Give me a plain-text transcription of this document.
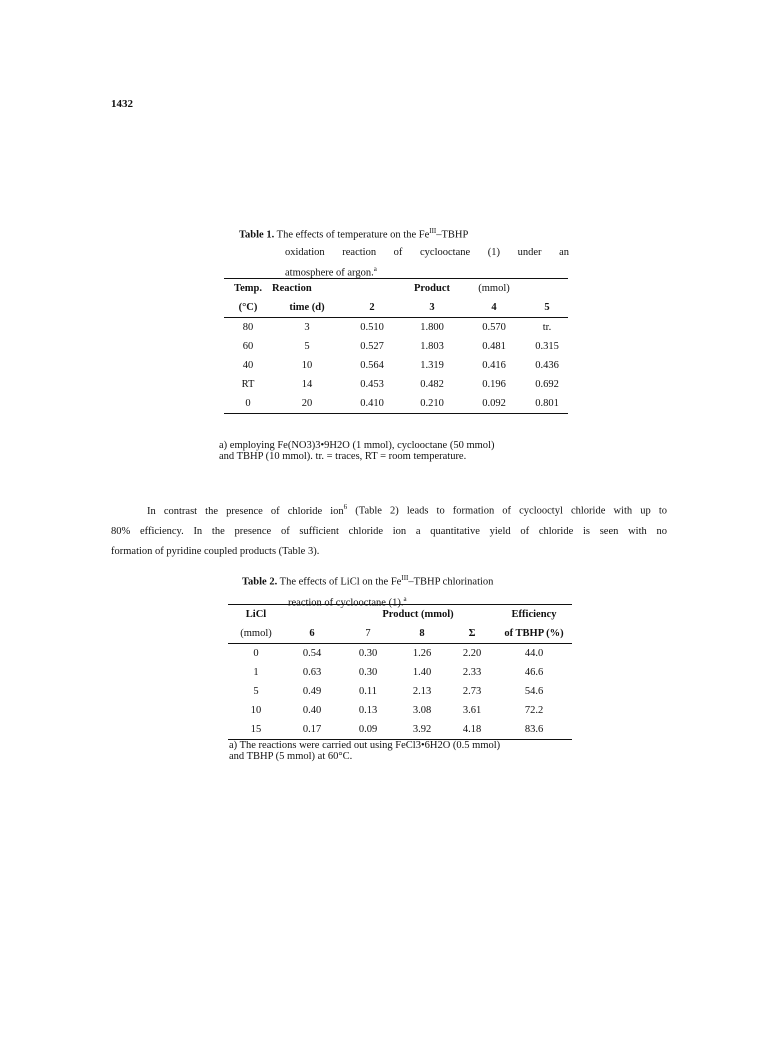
1432
Table 1. The effects of temperature on the $Fe^{III}$–TBHP
oxidation reaction of cyclooctane (1) under an
atmosphere of argon.$^a$
Temp.	Reaction		Product	(mmol)	
(°C)	time (d)	2	3	4	5
80	3	0.510	1.800	0.570	tr.
60	5	0.527	1.803	0.481	0.315
40	10	0.564	1.319	0.416	0.436
RT	14	0.453	0.482	0.196	0.692
0	20	0.410	0.210	0.092	0.801
a) employing Fe(NO3)3•9H2O (1 mmol), cyclooctane (50 mmol)
and TBHP (10 mmol). tr. = traces, RT = room temperature.
In contrast the presence of chloride ion$^6$ (Table 2) leads to formation of cyclooctyl chloride with up to
80% efficiency. In the presence of sufficient chloride ion a quantitative yield of chloride is seen with no
formation of pyridine coupled products (Table 3).
Table 2. The effects of LiCl on the $Fe^{III}$–TBHP chlorination
reaction of cyclooctane (1).$^a$
LiCl		Product (mmol)			Efficiency
(mmol)	6	7	8	Σ	of TBHP (%)
0	0.54	0.30	1.26	2.20	44.0
1	0.63	0.30	1.40	2.33	46.6
5	0.49	0.11	2.13	2.73	54.6
10	0.40	0.13	3.08	3.61	72.2
15	0.17	0.09	3.92	4.18	83.6
a) The reactions were carried out using FeCl3•6H2O (0.5 mmol)
and TBHP (5 mmol) at 60°C.
